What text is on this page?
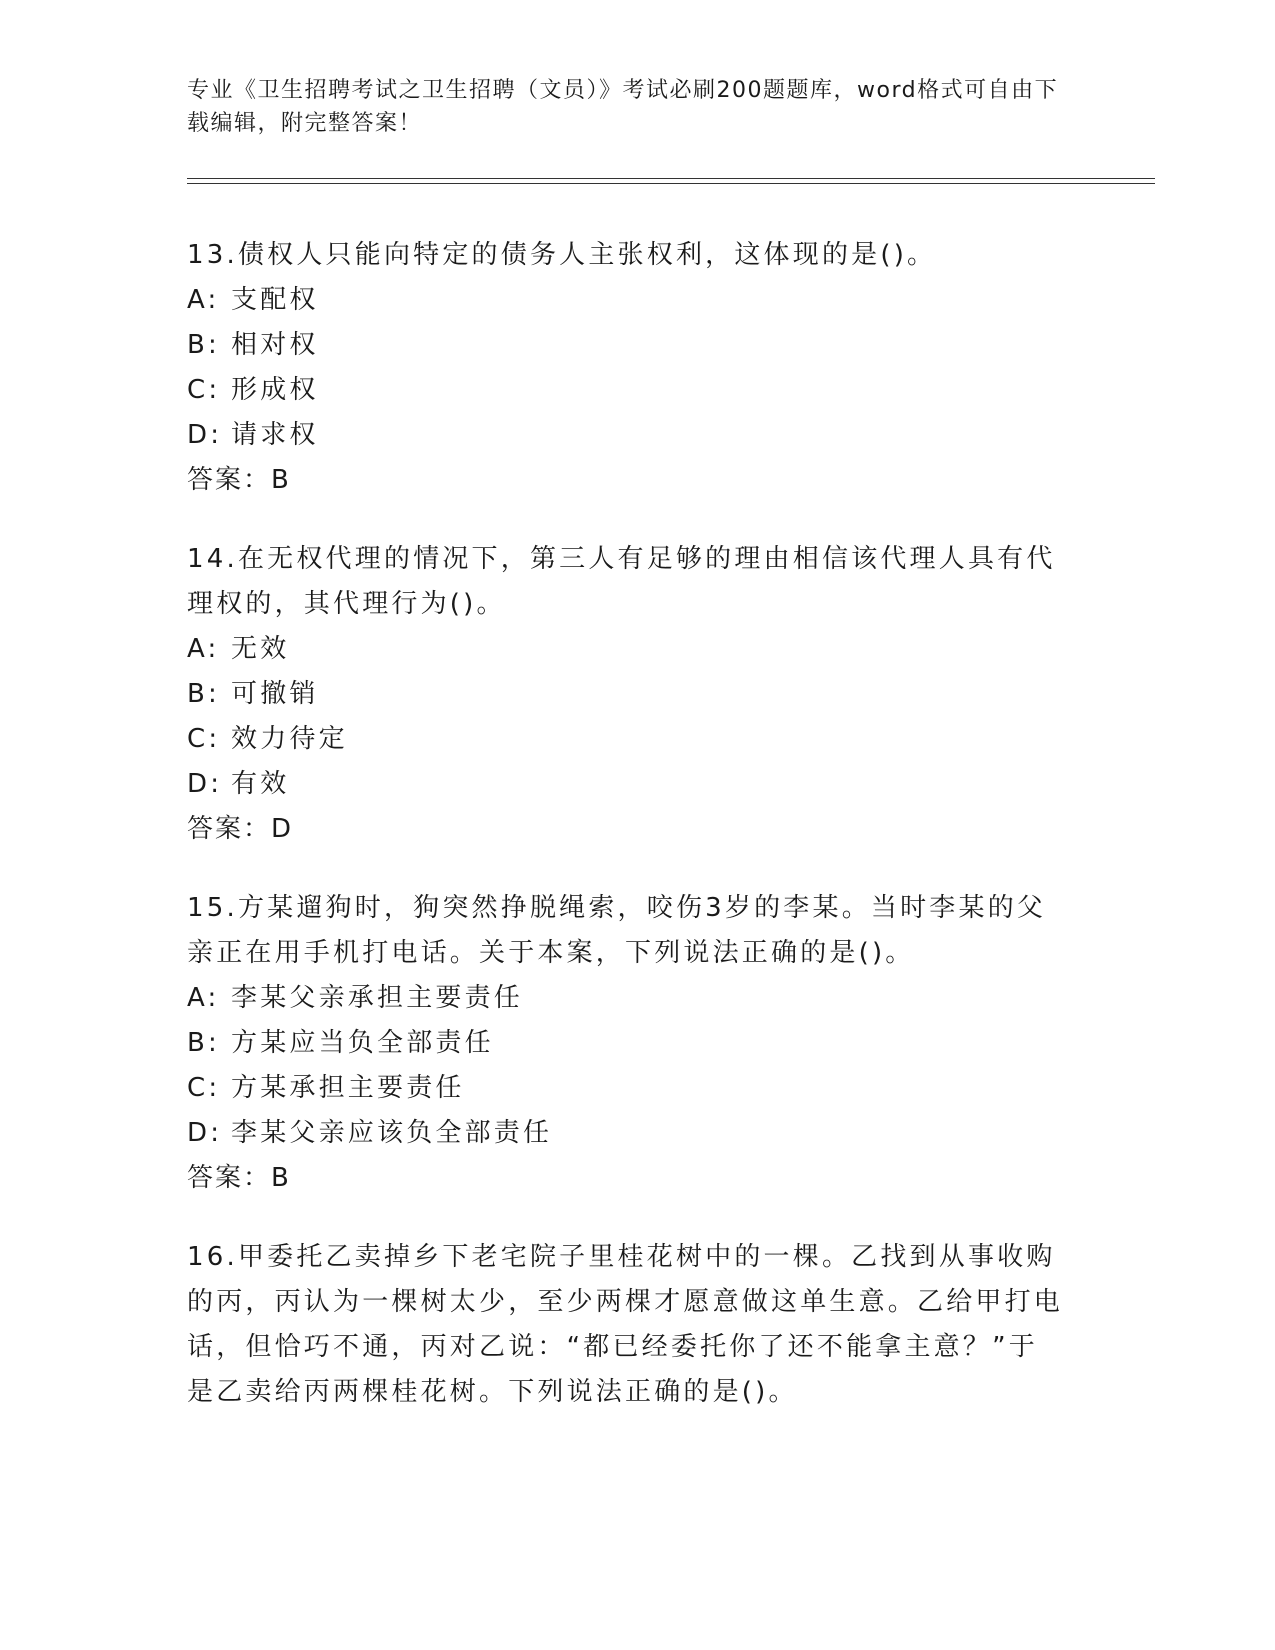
专业《卫生招聘考试之卫生招聘（文员）》考试必刷200题题库，word格式可自由下载编辑，附完整答案！
13.债权人只能向特定的债务人主张权利，这体现的是()。
A: 支配权
B: 相对权
C: 形成权
D: 请求权
答案：B
14.在无权代理的情况下，第三人有足够的理由相信该代理人具有代理权的，其代理行为()。
A: 无效
B: 可撤销
C: 效力待定
D: 有效
答案：D
15.方某遛狗时，狗突然挣脱绳索，咬伤3岁的李某。当时李某的父亲正在用手机打电话。关于本案，下列说法正确的是()。
A: 李某父亲承担主要责任
B: 方某应当负全部责任
C: 方某承担主要责任
D: 李某父亲应该负全部责任
答案：B
16.甲委托乙卖掉乡下老宅院子里桂花树中的一棵。乙找到从事收购的丙，丙认为一棵树太少，至少两棵才愿意做这单生意。乙给甲打电话，但恰巧不通，丙对乙说：“都已经委托你了还不能拿主意？”于是乙卖给丙两棵桂花树。下列说法正确的是()。
